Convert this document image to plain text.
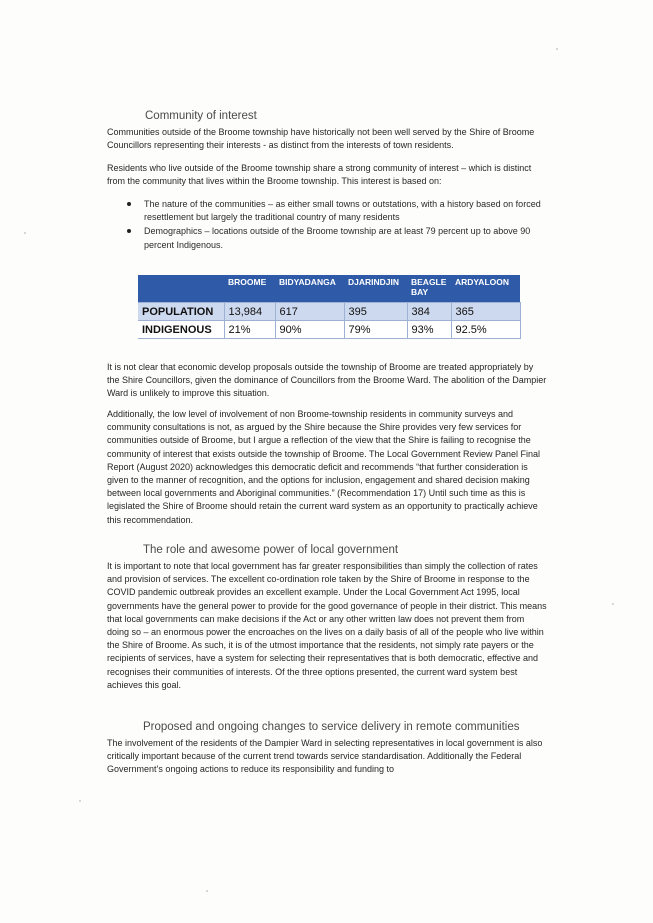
Community of interest

Communities outside of the Broome township have historically not been well served by the Shire of Broome Councillors representing their interests - as distinct from the interests of town residents.

Residents who live outside of the Broome township share a strong community of interest – which is distinct from the community that lives within the Broome township. This interest is based on:

The nature of the communities – as either small towns or outstations, with a history based on forced resettlement but largely the traditional country of many residents
Demographics – locations outside of the Broome township are at least 79 percent up to above 90 percent Indigenous.
	BROOME	BIDYADANGA	DJARINDJIN	BEAGLE BAY	ARDYALOON
POPULATION	13,984	617	395	384	365
INDIGENOUS	21%	90%	79%	93%	92.5%

It is not clear that economic develop proposals outside the township of Broome are treated appropriately by the Shire Councillors, given the dominance of Councillors from the Broome Ward. The abolition of the Dampier Ward is unlikely to improve this situation.

Additionally, the low level of involvement of non Broome-township residents in community surveys and community consultations is not, as argued by the Shire because the Shire provides very few services for communities outside of Broome, but I argue a reflection of the view that the Shire is failing to recognise the community of interest that exists outside the township of Broome. The Local Government Review Panel Final Report (August 2020) acknowledges this democratic deficit and recommends “that further consideration is given to the manner of recognition, and the options for inclusion, engagement and shared decision making between local governments and Aboriginal communities.” (Recommendation 17) Until such time as this is legislated the Shire of Broome should retain the current ward system as an opportunity to practically achieve this recommendation.

The role and awesome power of local government

It is important to note that local government has far greater responsibilities than simply the collection of rates and provision of services. The excellent co-ordination role taken by the Shire of Broome in response to the COVID pandemic outbreak provides an excellent example. Under the Local Government Act 1995, local governments have the general power to provide for the good governance of people in their district. This means that local governments can make decisions if the Act or any other written law does not prevent them from doing so – an enormous power the encroaches on the lives on a daily basis of all of the people who live within the Shire of Broome. As such, it is of the utmost importance that the residents, not simply rate payers or the recipients of services, have a system for selecting their representatives that is both democratic, effective and recognises their communities of interests. Of the three options presented, the current ward system best achieves this goal.

Proposed and ongoing changes to service delivery in remote communities

The involvement of the residents of the Dampier Ward in selecting representatives in local government is also critically important because of the current trend towards service standardisation. Additionally the Federal Government’s ongoing actions to reduce its responsibility and funding to
